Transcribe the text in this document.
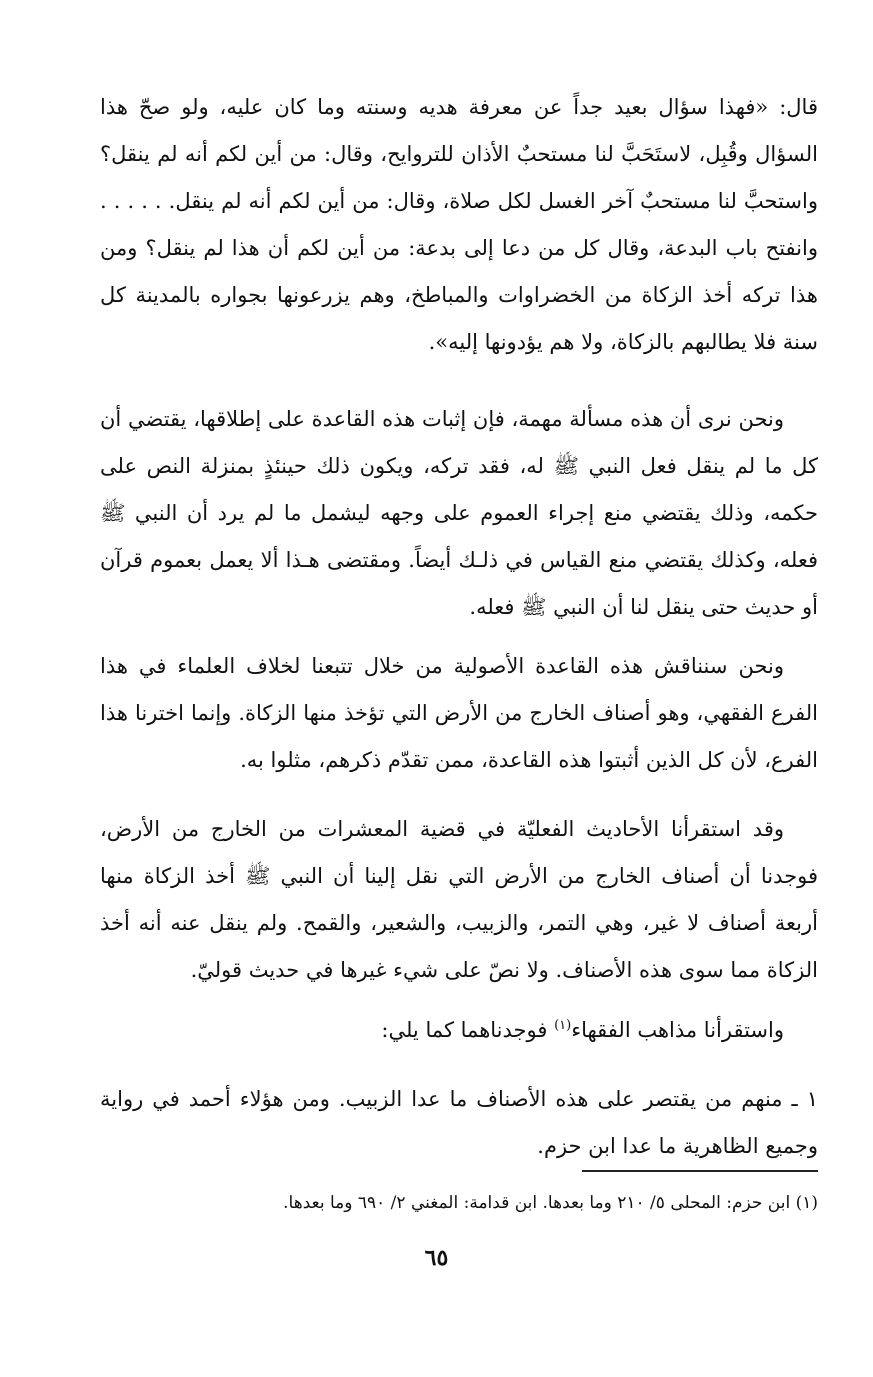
قال: «فهذا سؤال بعيد جداً عن معرفة هديه وسنته وما كان عليه، ولو صحّ هذا السؤال وقُبِل، لاستَحَبَّ لنا مستحبٌ الأذان للتروايح، وقال: من أين لكم أنه لم ينقل؟ واستحبَّ لنا مستحبٌ آخر الغسل لكل صلاة، وقال: من أين لكم أنه لم ينقل. . . . . . وانفتح باب البدعة، وقال كل من دعا إلى بدعة: من أين لكم أن هذا لم ينقل؟ ومن هذا تركه أخذ الزكاة من الخضراوات والمباطخ، وهم يزرعونها بجواره بالمدينة كل سنة فلا يطالبهم بالزكاة، ولا هم يؤدونها إليه».

ونحن نرى أن هذه مسألة مهمة، فإن إثبات هذه القاعدة على إطلاقها، يقتضي أن كل ما لم ينقل فعل النبي ﷺ له، فقد تركه، ويكون ذلك حينئذٍ بمنزلة النص على حكمه، وذلك يقتضي منع إجراء العموم على وجهه ليشمل ما لم يرد أن النبي ﷺ فعله، وكذلك يقتضي منع القياس في ذلـك أيضاً. ومقتضى هـذا ألا يعمل بعموم قرآن أو حديث حتى ينقل لنا أن النبي ﷺ فعله.

ونحن سنناقش هذه القاعدة الأصولية من خلال تتبعنا لخلاف العلماء في هذا الفرع الفقهي، وهو أصناف الخارج من الأرض التي تؤخذ منها الزكاة. وإنما اخترنا هذا الفرع، لأن كل الذين أثبتوا هذه القاعدة، ممن تقدّم ذكرهم، مثلوا به.

وقد استقرأنا الأحاديث الفعليّة في قضية المعشرات من الخارج من الأرض، فوجدنا أن أصناف الخارج من الأرض التي نقل إلينا أن النبي ﷺ أخذ الزكاة منها أربعة أصناف لا غير، وهي التمر، والزبيب، والشعير، والقمح. ولم ينقل عنه أنه أخذ الزكاة مما سوى هذه الأصناف. ولا نصّ على شيء غيرها في حديث قوليّ.

واستقرأنا مذاهب الفقهاء$^{(١)}$ فوجدناهما كما يلي:

١ ـ منهم من يقتصر على هذه الأصناف ما عدا الزبيب. ومن هؤلاء أحمد في رواية وجميع الظاهرية ما عدا ابن حزم.

(١) ابن حزم: المحلى ٥/ ٢١٠ وما بعدها. ابن قدامة: المغني ٢/ ٦٩٠ وما بعدها.
٦٥
